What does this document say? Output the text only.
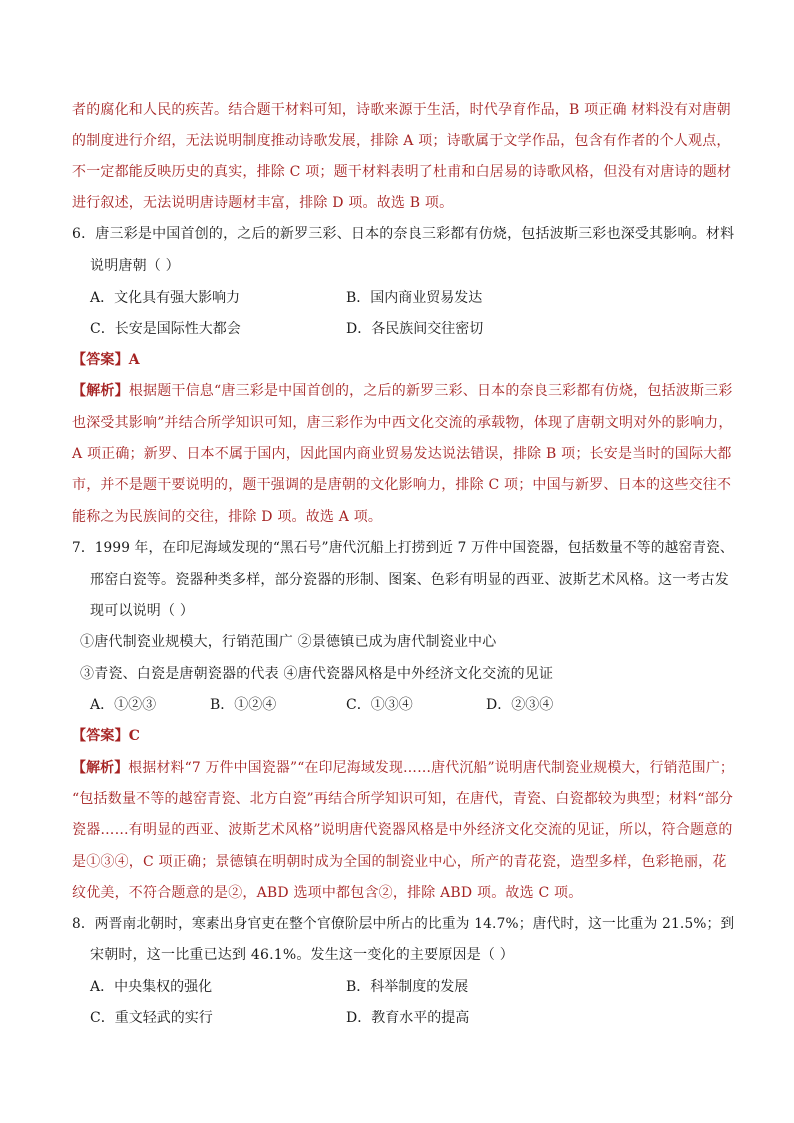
者的腐化和人民的疾苦。结合题干材料可知，诗歌来源于生活，时代孕育作品，B 项正确 材料没有对唐朝
的制度进行介绍，无法说明制度推动诗歌发展，排除 A 项；诗歌属于文学作品，包含有作者的个人观点，
不一定都能反映历史的真实，排除 C 项；题干材料表明了杜甫和白居易的诗歌风格，但没有对唐诗的题材
进行叙述，无法说明唐诗题材丰富，排除 D 项。故选 B 项。
6．唐三彩是中国首创的，之后的新罗三彩、日本的奈良三彩都有仿烧，包括波斯三彩也深受其影响。材料
说明唐朝（ ）
A．文化具有强大影响力	B．国内商业贸易发达
C．长安是国际性大都会	D．各民族间交往密切
【答案】A
【解析】根据题干信息“唐三彩是中国首创的，之后的新罗三彩、日本的奈良三彩都有仿烧，包括波斯三彩
也深受其影响”并结合所学知识可知，唐三彩作为中西文化交流的承载物，体现了唐朝文明对外的影响力，
A 项正确；新罗、日本不属于国内，因此国内商业贸易发达说法错误，排除 B 项；长安是当时的国际大都
市，并不是题干要说明的，题干强调的是唐朝的文化影响力，排除 C 项；中国与新罗、日本的这些交往不
能称之为民族间的交往，排除 D 项。故选 A 项。
7．1999 年，在印尼海域发现的“黑石号”唐代沉船上打捞到近 7 万件中国瓷器，包括数量不等的越窑青瓷、
邢窑白瓷等。瓷器种类多样，部分瓷器的形制、图案、色彩有明显的西亚、波斯艺术风格。这一考古发
现可以说明（ ）
①唐代制瓷业规模大，行销范围广 ②景德镇已成为唐代制瓷业中心
③青瓷、白瓷是唐朝瓷器的代表 ④唐代瓷器风格是中外经济文化交流的见证
A．①②③	B．①②④	C．①③④	D．②③④
【答案】C
【解析】根据材料“7 万件中国瓷器”“在印尼海域发现……唐代沉船”说明唐代制瓷业规模大，行销范围广；
“包括数量不等的越窑青瓷、北方白瓷”再结合所学知识可知，在唐代，青瓷、白瓷都较为典型；材料“部分
瓷器……有明显的西亚、波斯艺术风格”说明唐代瓷器风格是中外经济文化交流的见证，所以，符合题意的
是①③④，C 项正确；景德镇在明朝时成为全国的制瓷业中心，所产的青花瓷，造型多样，色彩艳丽，花
纹优美，不符合题意的是②，ABD 选项中都包含②，排除 ABD 项。故选 C 项。
8．两晋南北朝时，寒素出身官吏在整个官僚阶层中所占的比重为 14.7%；唐代时，这一比重为 21.5%；到
宋朝时，这一比重已达到 46.1%。发生这一变化的主要原因是（ ）
A．中央集权的强化	B．科举制度的发展
C．重文轻武的实行	D．教育水平的提高
